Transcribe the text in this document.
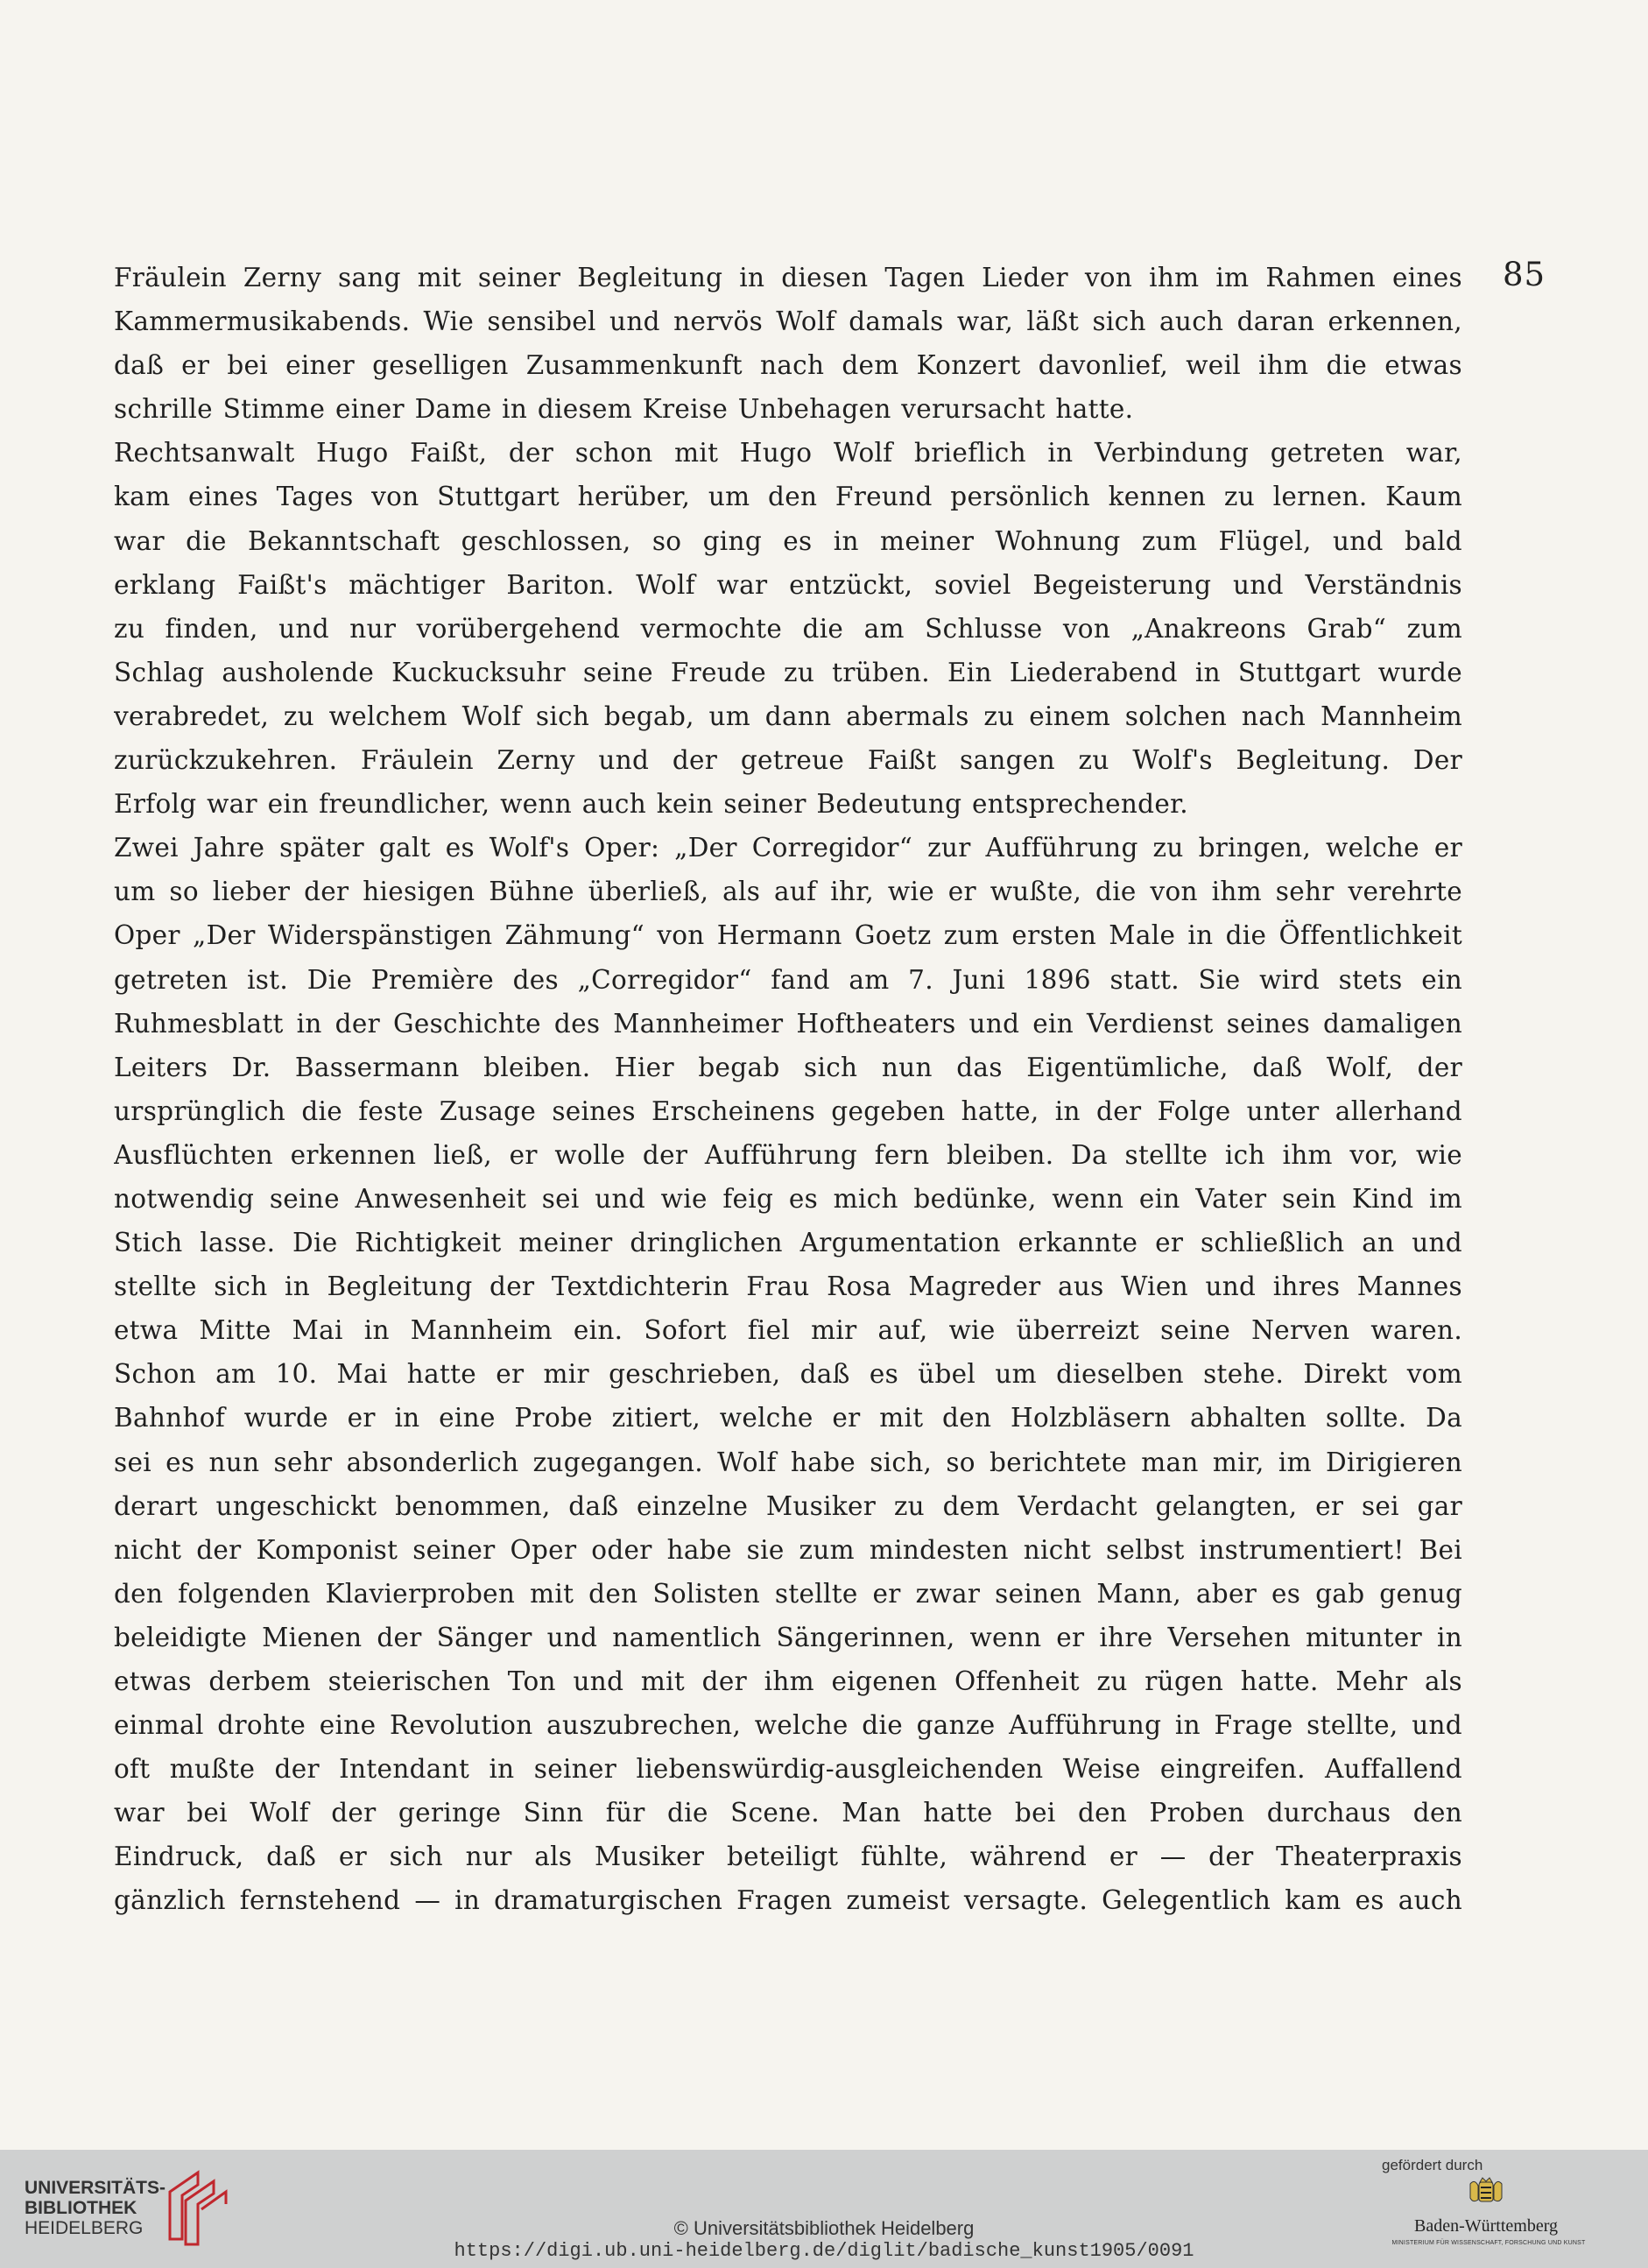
85
Fräulein Zerny sang mit seiner Begleitung in diesen Tagen Lieder von ihm im Rahmen eines
Kammermusikabends. Wie sensibel und nervös Wolf damals war, läßt sich auch daran erkennen,
daß er bei einer geselligen Zusammenkunft nach dem Konzert davonlief, weil ihm die etwas
schrille Stimme einer Dame in diesem Kreise Unbehagen verursacht hatte.
Rechtsanwalt Hugo Faißt, der schon mit Hugo Wolf brieflich in Verbindung getreten war,
kam eines Tages von Stuttgart herüber, um den Freund persönlich kennen zu lernen. Kaum
war die Bekanntschaft geschlossen, so ging es in meiner Wohnung zum Flügel, und bald
erklang Faißt's mächtiger Bariton. Wolf war entzückt, soviel Begeisterung und Verständnis
zu finden, und nur vorübergehend vermochte die am Schlusse von „Anakreons Grab“ zum
Schlag ausholende Kuckucksuhr seine Freude zu trüben. Ein Liederabend in Stuttgart wurde
verabredet, zu welchem Wolf sich begab, um dann abermals zu einem solchen nach Mannheim
zurückzukehren. Fräulein Zerny und der getreue Faißt sangen zu Wolf's Begleitung. Der
Erfolg war ein freundlicher, wenn auch kein seiner Bedeutung entsprechender.
Zwei Jahre später galt es Wolf's Oper: „Der Corregidor“ zur Aufführung zu bringen, welche er
um so lieber der hiesigen Bühne überließ, als auf ihr, wie er wußte, die von ihm sehr verehrte
Oper „Der Widerspänstigen Zähmung“ von Hermann Goetz zum ersten Male in die Öffentlichkeit
getreten ist. Die Première des „Corregidor“ fand am 7. Juni 1896 statt. Sie wird stets ein
Ruhmesblatt in der Geschichte des Mannheimer Hoftheaters und ein Verdienst seines damaligen
Leiters Dr. Bassermann bleiben. Hier begab sich nun das Eigentümliche, daß Wolf, der
ursprünglich die feste Zusage seines Erscheinens gegeben hatte, in der Folge unter allerhand
Ausflüchten erkennen ließ, er wolle der Aufführung fern bleiben. Da stellte ich ihm vor, wie
notwendig seine Anwesenheit sei und wie feig es mich bedünke, wenn ein Vater sein Kind im
Stich lasse. Die Richtigkeit meiner dringlichen Argumentation erkannte er schließlich an und
stellte sich in Begleitung der Textdichterin Frau Rosa Magreder aus Wien und ihres Mannes
etwa Mitte Mai in Mannheim ein. Sofort fiel mir auf, wie überreizt seine Nerven waren.
Schon am 10. Mai hatte er mir geschrieben, daß es übel um dieselben stehe. Direkt vom
Bahnhof wurde er in eine Probe zitiert, welche er mit den Holzbläsern abhalten sollte. Da
sei es nun sehr absonderlich zugegangen. Wolf habe sich, so berichtete man mir, im Dirigieren
derart ungeschickt benommen, daß einzelne Musiker zu dem Verdacht gelangten, er sei gar
nicht der Komponist seiner Oper oder habe sie zum mindesten nicht selbst instrumentiert! Bei
den folgenden Klavierproben mit den Solisten stellte er zwar seinen Mann, aber es gab genug
beleidigte Mienen der Sänger und namentlich Sängerinnen, wenn er ihre Versehen mitunter in
etwas derbem steierischen Ton und mit der ihm eigenen Offenheit zu rügen hatte. Mehr als
einmal drohte eine Revolution auszubrechen, welche die ganze Aufführung in Frage stellte, und
oft mußte der Intendant in seiner liebenswürdig-ausgleichenden Weise eingreifen. Auffallend
war bei Wolf der geringe Sinn für die Scene. Man hatte bei den Proben durchaus den
Eindruck, daß er sich nur als Musiker beteiligt fühlte, während er — der Theaterpraxis
gänzlich fernstehend — in dramaturgischen Fragen zumeist versagte. Gelegentlich kam es auch
UNIVERSITÄTS-
BIBLIOTHEK
HEIDELBERG	© Universitätsbibliothek Heidelberg
https://digi.ub.uni-heidelberg.de/diglit/badische_kunst1905/0091
gefördert durch
Baden-Württemberg
MINISTERIUM FÜR WISSENSCHAFT, FORSCHUNG UND KUNST
